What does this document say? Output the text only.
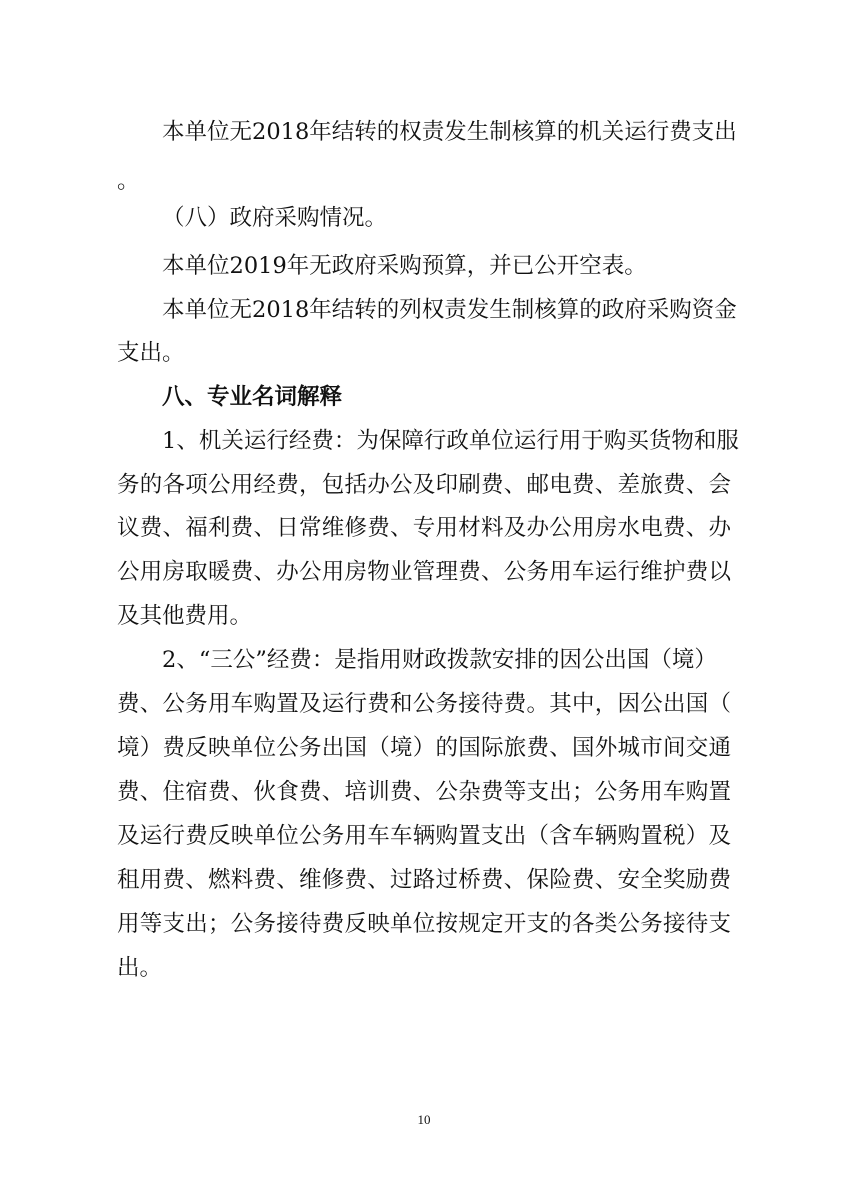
本单位无2018年结转的权责发生制核算的机关运行费支出
。
（八）政府采购情况。
本单位2019年无政府采购预算，并已公开空表。
本单位无2018年结转的列权责发生制核算的政府采购资金
支出。
八、专业名词解释
1、机关运行经费：为保障行政单位运行用于购买货物和服
务的各项公用经费，包括办公及印刷费、邮电费、差旅费、会
议费、福利费、日常维修费、专用材料及办公用房水电费、办
公用房取暖费、办公用房物业管理费、公务用车运行维护费以
及其他费用。
2、“三公”经费：是指用财政拨款安排的因公出国（境）
费、公务用车购置及运行费和公务接待费。其中，因公出国（
境）费反映单位公务出国（境）的国际旅费、国外城市间交通
费、住宿费、伙食费、培训费、公杂费等支出；公务用车购置
及运行费反映单位公务用车车辆购置支出（含车辆购置税）及
租用费、燃料费、维修费、过路过桥费、保险费、安全奖励费
用等支出；公务接待费反映单位按规定开支的各类公务接待支
出。
10
